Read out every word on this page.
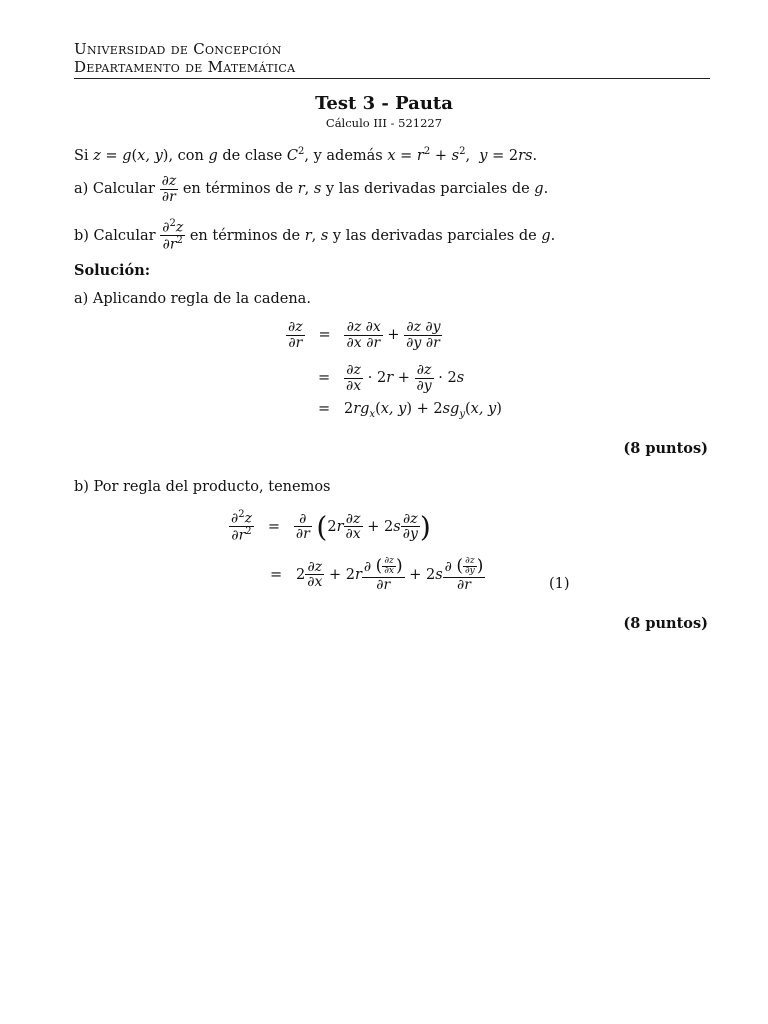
Universidad de Concepción
Departamento de Matemática
Test 3 - Pauta
Cálculo III - 521227
Si z = g(x, y), con g de clase $C^2$, y además $x = r^2 + s^2$,  y = 2rs.
a) Calcular $\frac{\partial z}{\partial r}$ en términos de r, s y las derivadas parciales de g.
b) Calcular $\frac{\partial^2z}{\partial r^2}$ en términos de r, s y las derivadas parciales de g.
Solución:
a) Aplicando regla de la cadena.
$\frac{\partial z}{\partial r} = \frac{\partial z}{\partial x} \frac{\partial x}{\partial r} + \frac{\partial z}{\partial y} \frac{\partial y}{\partial r}$
= $\frac{\partial z}{\partial x} \cdot 2r + \frac{\partial z}{\partial y} \cdot 2s$
=   $2rg_x(x$, $y) + 2sg_y(x$, y)
(8 puntos)
b) Por regla del producto, tenemos
$\frac{\partial^2z}{\partial r^2} = \frac{\partial}{\partial r} (2r \frac{\partial z}{\partial x} + 2s \frac{\partial z}{\partial y}$ )
=   $2 \frac{\partial z}{\partial x} + 2r \frac{\partial ( \frac{\partial z}{\partial x} )}{\partial r} + 2s \frac{\partial ( \frac{\partial z}{\partial y} )}{\partial r}$	(1)
(8 puntos)
